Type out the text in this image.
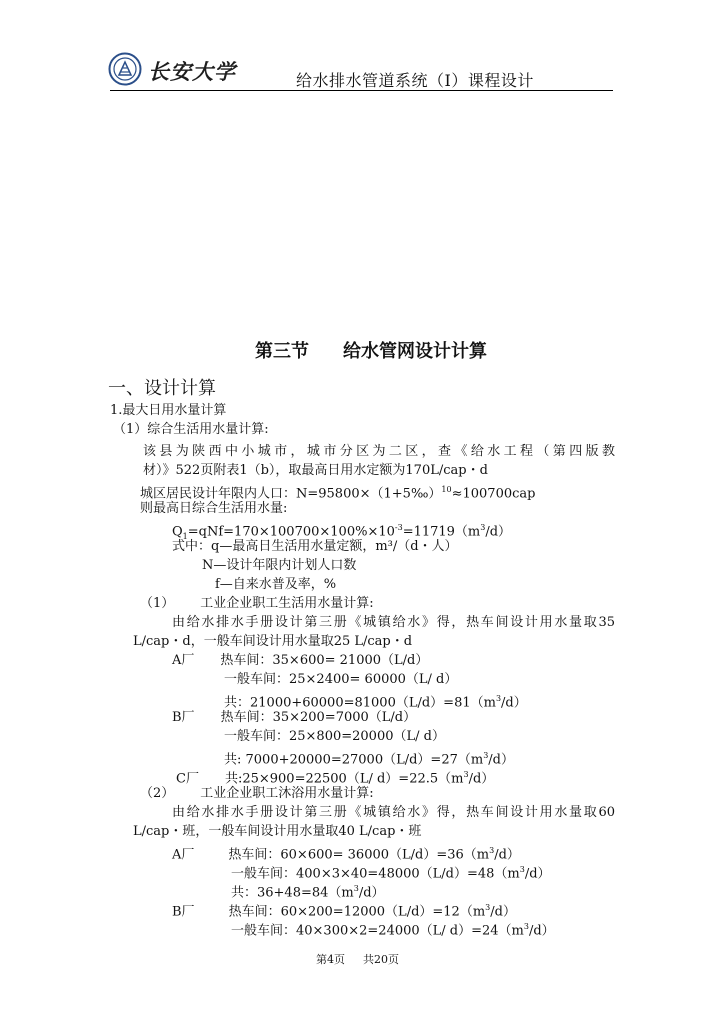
长安大学	给水排水管道系统（Ⅰ）课程设计
第三节 给水管网设计计算
一、设计计算
1.最大日用水量计算
（1）综合生活用水量计算:
该县为陕西中小城市，城市分区为二区，查《给水工程（第四版教
材）》522页附表1（b），取最高日用水定额为170L/cap・d
城区居民设计年限内人口：N=95800×（1+5‰）$^{10}$≈100700cap
则最高日综合生活用水量:
$Q_1=qNf=170\times 100700\times 100\%\times 10^{-3}=11719(m^3/d)$
式中：q—最高日生活用水量定额，m³/（d・人）
N—设计年限内计划人口数
f—自来水普及率，%
（1） 工业企业职工生活用水量计算:
由给水排水手册设计第三册《城镇给水》得，热车间设计用水量取35
L/cap・d，一般车间设计用水量取25 L/cap・d
A厂 热车间：35×600= 21000（L/d）
一般车间：25×2400= 60000（L/ d）
共：$21000+60000=81000(L/d)=81(m^3/d)$
B厂 热车间：35×200=7000（L/d）
一般车间：25×800=20000（L/ d）
共: $7000+20000=27000(L/d)=27(m^3/d)$
C厂 共:25×900=22500（L/ $d)=22.5(m^3/d)$
（2） 工业企业职工沐浴用水量计算:
由给水排水手册设计第三册《城镇给水》得，热车间设计用水量取60
L/cap・班，一般车间设计用水量取40 L/cap・班
A厂	热车间：$60\times 600= 36000(L/d)=36(m^3/d)$
一般车间：$400\times 3\times 40=48000(L/d)=48(m^3/d)$
共：$36+48=84(m^3/d)$
B厂	热车间：$60\times 200=12000(L/d)=12(m^3/d)$
一般车间：40×300×2=24000（L/ $d)=24(m^3/d)$
第4页 共20页
